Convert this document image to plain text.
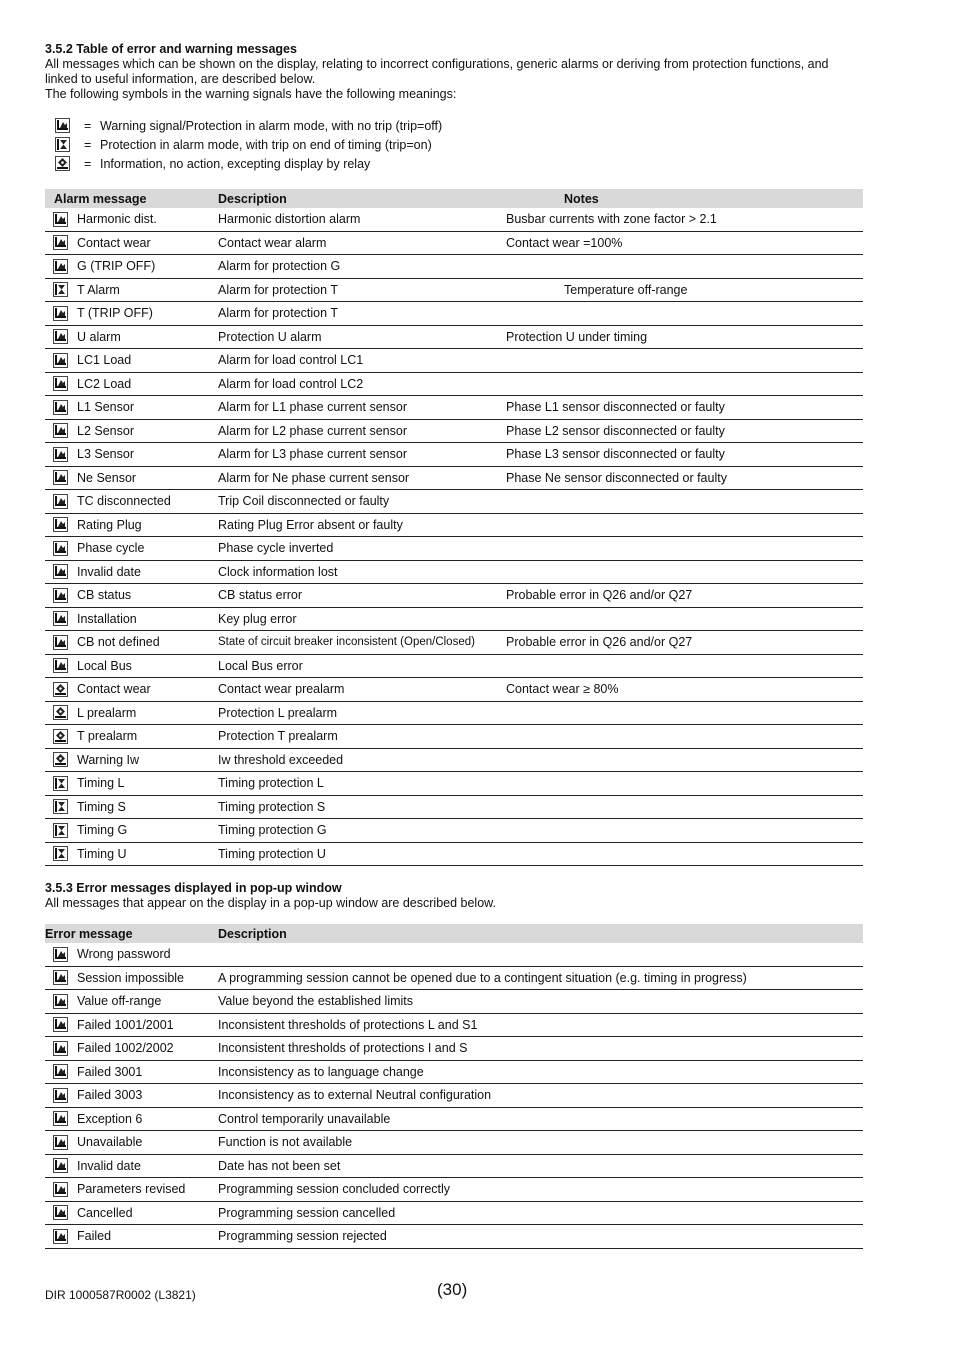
3.5.2 Table of error and warning messages
All messages which can be shown on the display, relating to incorrect configurations, generic alarms or deriving from protection functions, and linked to useful information, are described below.
The following symbols in the warning signals have the following meanings:
= Warning signal/Protection in alarm mode, with no trip (trip=off)
= Protection in alarm mode, with trip on end of timing (trip=on)
= Information, no action, excepting display by relay
Alarm message	Description	Notes

Harmonic dist.	Harmonic distortion alarm	Busbar currents with zone factor > 2.1

Contact wear	Contact wear alarm	Contact wear =100%

G (TRIP OFF)	Alarm for protection G	

T Alarm	Alarm for protection T	Temperature off-range

T (TRIP OFF)	Alarm for protection T	

U alarm	Protection U alarm	Protection U under timing

LC1 Load	Alarm for load control LC1	

LC2 Load	Alarm for load control LC2	

L1 Sensor	Alarm for L1 phase current sensor	Phase L1 sensor disconnected or faulty

L2 Sensor	Alarm for L2 phase current sensor	Phase L2 sensor disconnected or faulty

L3 Sensor	Alarm for L3 phase current sensor	Phase L3 sensor disconnected or faulty

Ne Sensor	Alarm for Ne phase current sensor	Phase Ne sensor disconnected or faulty

TC disconnected	Trip Coil disconnected or faulty	

Rating Plug	Rating Plug Error absent or faulty	

Phase cycle	Phase cycle inverted	

Invalid date	Clock information lost	

CB status	CB status error	Probable error in Q26 and/or Q27

Installation	Key plug error	

CB not defined	State of circuit breaker inconsistent (Open/Closed)	Probable error in Q26 and/or Q27

Local Bus	Local Bus error	

Contact wear	Contact wear prealarm	Contact wear ≥ 80%

L prealarm	Protection L prealarm	

T prealarm	Protection T prealarm	

Warning Iw	Iw threshold exceeded	

Timing L	Timing protection L	

Timing S	Timing protection S	

Timing G	Timing protection G	

Timing U	Timing protection U	
3.5.3 Error messages displayed in pop-up window
All messages that appear on the display in a pop-up window are described below.
Error message	Description

Wrong password	

Session impossible	A programming session cannot be opened due to a contingent situation (e.g. timing in progress)

Value off-range	Value beyond the established limits

Failed 1001/2001	Inconsistent thresholds of protections L and S1

Failed 1002/2002	Inconsistent thresholds of protections I and S

Failed 3001	Inconsistency as to language change

Failed 3003	Inconsistency as to external Neutral configuration

Exception 6	Control temporarily unavailable

Unavailable	Function is not available

Invalid date	Date has not been set

Parameters revised	Programming session concluded correctly

Cancelled	Programming session cancelled

Failed	Programming session rejected
DIR 1000587R0002 (L3821)	(30)
